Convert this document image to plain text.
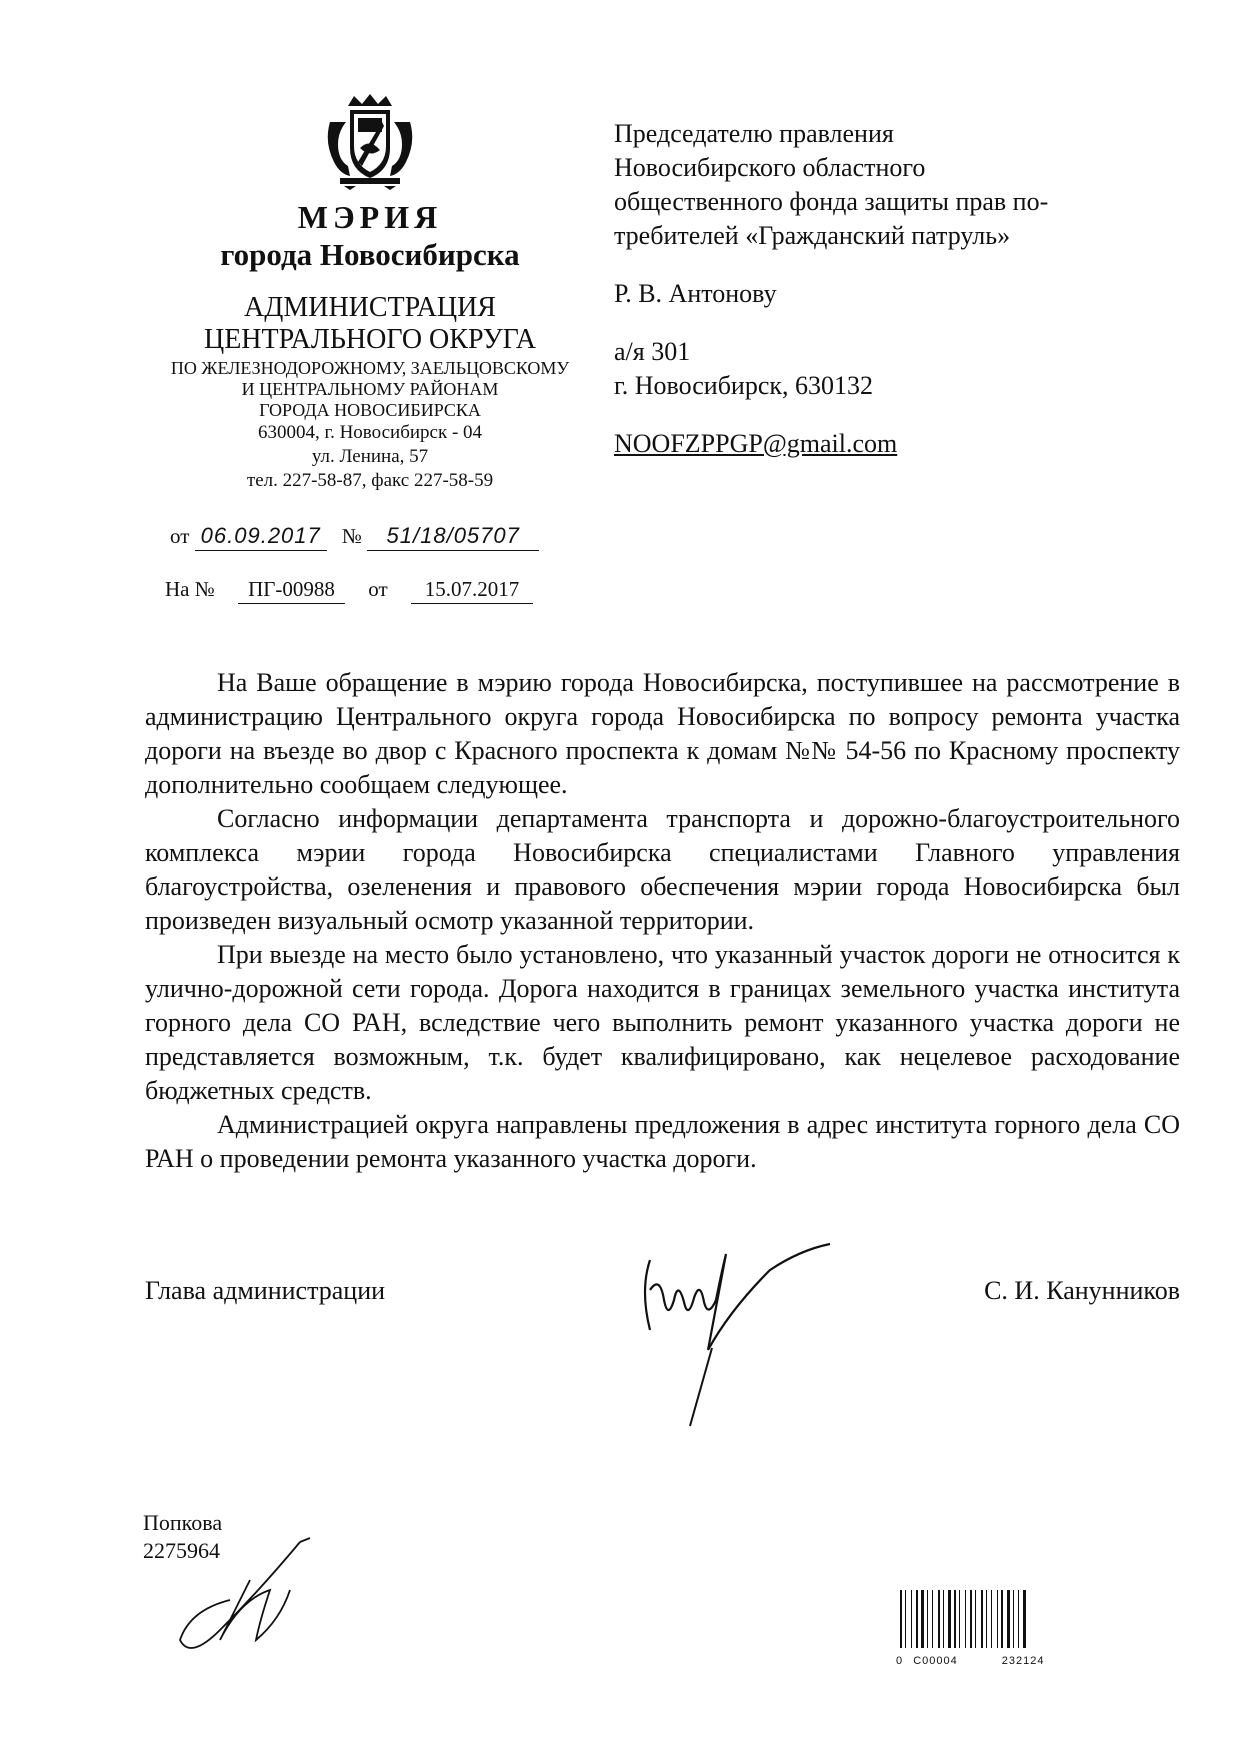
МЭРИЯ
города Новосибирска
АДМИНИСТРАЦИЯ
ЦЕНТРАЛЬНОГО ОКРУГА
ПО ЖЕЛЕЗНОДОРОЖНОМУ, ЗАЕЛЬЦОВСКОМУ
И ЦЕНТРАЛЬНОМУ РАЙОНАМ
ГОРОДА НОВОСИБИРСКА
630004, г. Новосибирск - 04
ул. Ленина, 57
тел. 227-58-87, факс 227-58-59
от 06.09.2017 № 51/18/05707
На № ПГ-00988 от 15.07.2017

Председателю правления

Новосибирского областного

общественного фонда защиты прав по-

требителей «Гражданский патруль»

Р. В. Антонову

а/я 301

г. Новосибирск, 630132

NOOFZPPGP@gmail.com

На Ваше обращение в мэрию города Новосибирска, поступившее на рассмотрение в администрацию Центрального округа города Новосибирска по вопросу ремонта участка дороги на въезде во двор с Красного проспекта к домам №№ 54-56 по Красному проспекту дополнительно сообщаем следующее.

Согласно информации департамента транспорта и дорожно-благоустроительного комплекса мэрии города Новосибирска специалистами Главного управления благоустройства, озеленения и правового обеспечения мэрии города Новосибирска был произведен визуальный осмотр указанной территории.

При выезде на место было установлено, что указанный участок дороги не относится к улично-дорожной сети города. Дорога находится в границах земельного участка института горного дела СО РАН, вследствие чего выполнить ремонт указанного участка дороги не представляется возможным, т.к. будет квалифицировано, как нецелевое расходование бюджетных средств.

Администрацией округа направлены предложения в адрес института горного дела СО РАН о проведении ремонта указанного участка дороги.

Глава администрации	С. И. Канунников
Попкова
2275964
0 C00004	232124
